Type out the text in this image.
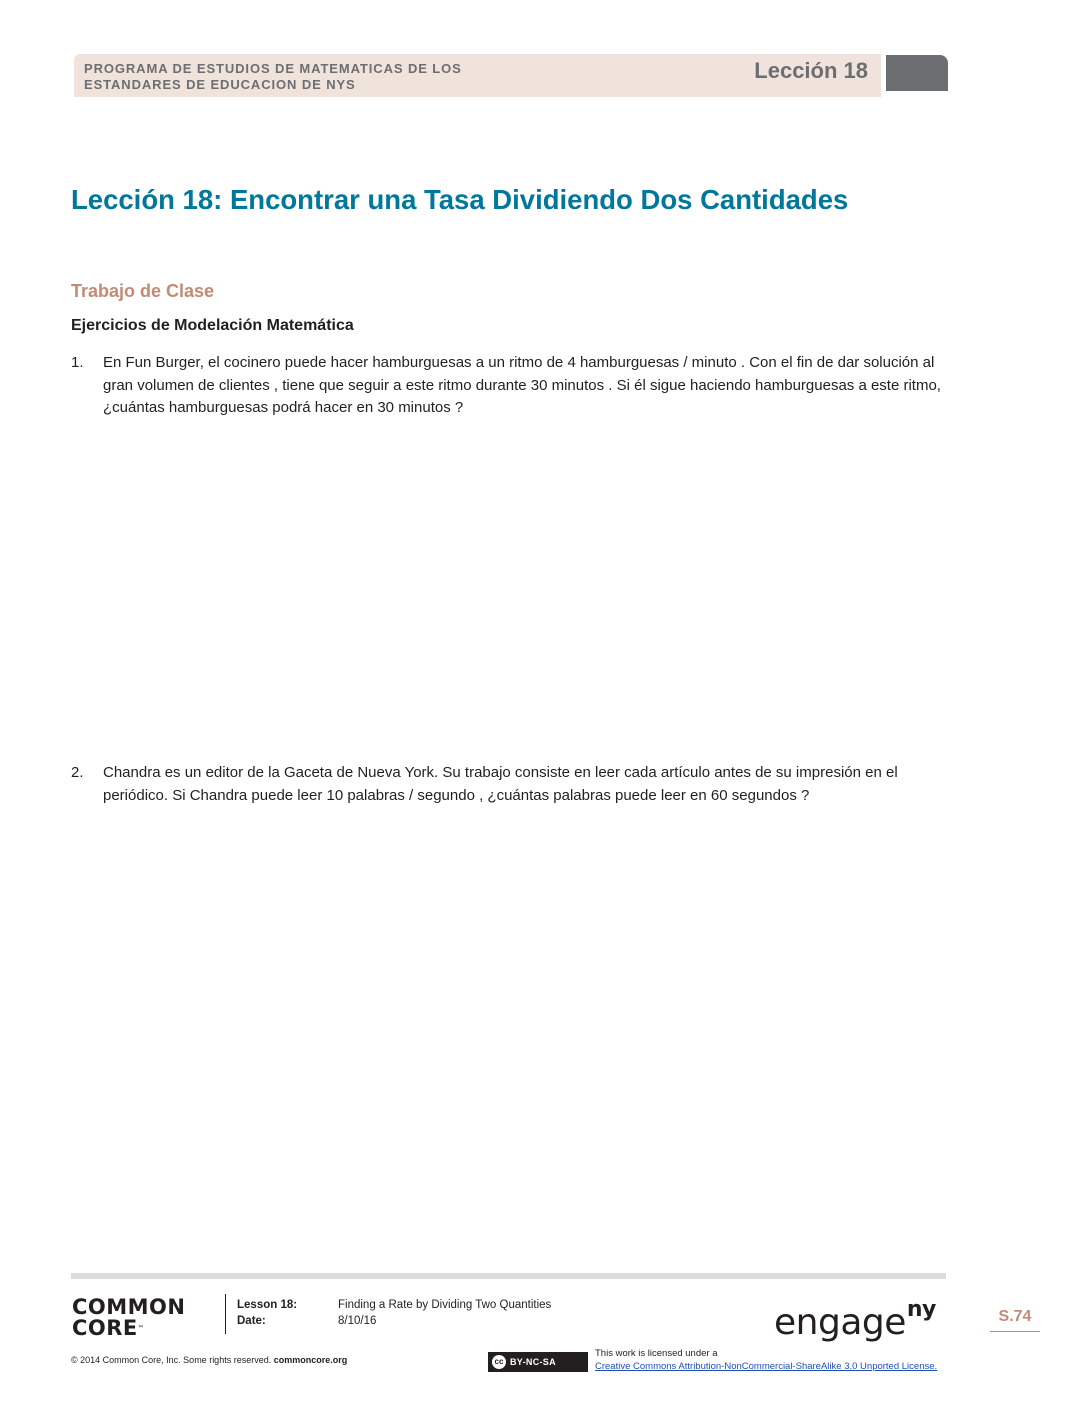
PROGRAMA DE ESTUDIOS DE MATEMATICAS DE LOS
ESTANDARES DE EDUCACION DE NYS
Lección 18
Lección 18: Encontrar una Tasa Dividiendo Dos Cantidades
Trabajo de Clase
Ejercicios de Modelación Matemática
1. En Fun Burger, el cocinero puede hacer hamburguesas a un ritmo de 4 hamburguesas / minuto . Con el fin de dar solución al gran volumen de clientes , tiene que seguir a este ritmo durante 30 minutos . Si él sigue haciendo hamburguesas a este ritmo, ¿cuántas hamburguesas podrá hacer en 30 minutos ?
2. Chandra es un editor de la Gaceta de Nueva York. Su trabajo consiste en leer cada artículo antes de su impresión en el periódico. Si Chandra puede leer 10 palabras / segundo , ¿cuántas palabras puede leer en 60 segundos ?
COMMON
CORE™
Lesson 18:	Finding a Rate by Dividing Two Quantities
Date:	8/10/16	engage$^{ny}$	S.74
© 2014 Common Core, Inc. Some rights reserved. commoncore.org	cc BY-NC-SA
This work is licensed under a
Creative Commons Attribution-NonCommercial-ShareAlike 3.0 Unported License.
